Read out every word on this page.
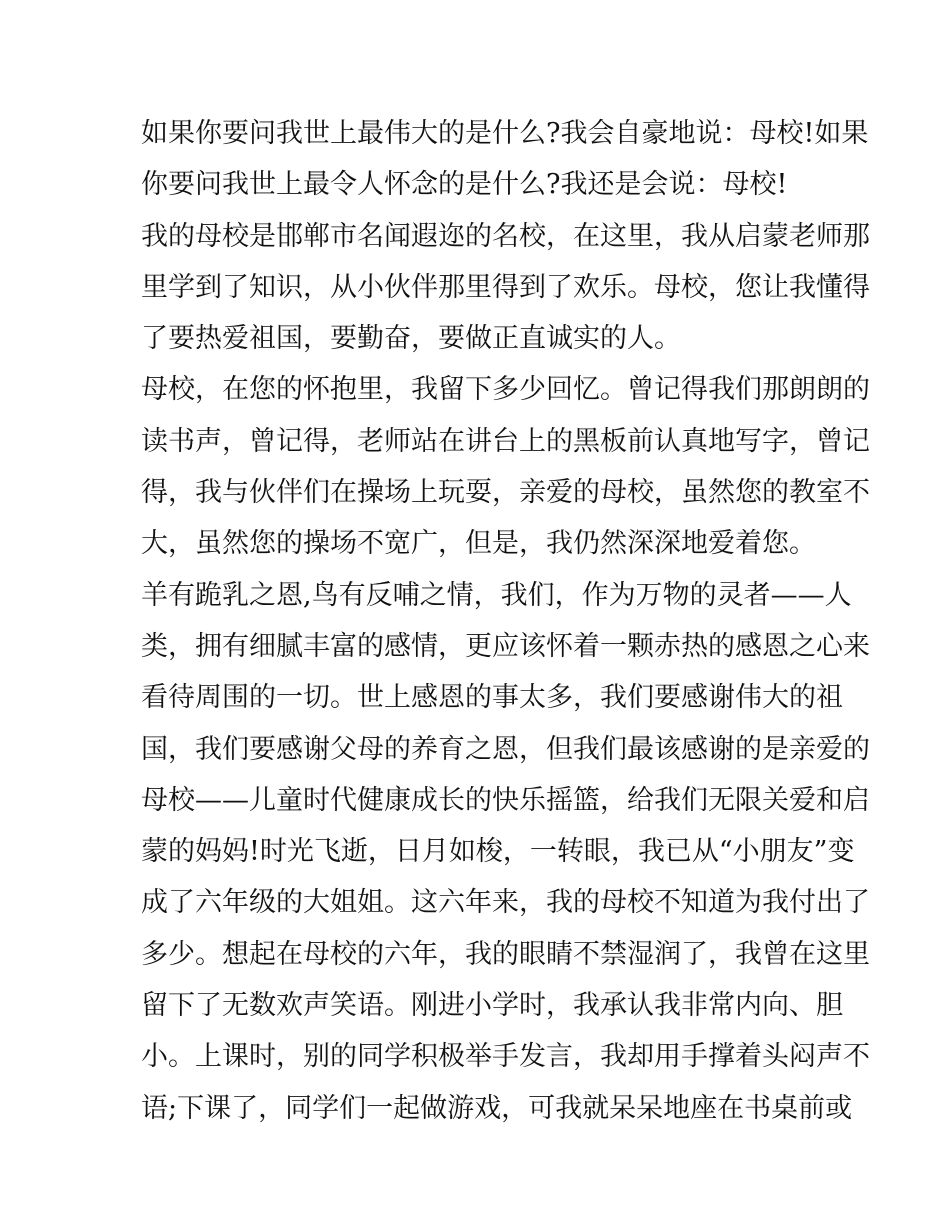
如果你要问我世上最伟大的是什么?我会自豪地说：母校!如果
你要问我世上最令人怀念的是什么?我还是会说：母校!
我的母校是邯郸市名闻遐迩的名校，在这里，我从启蒙老师那
里学到了知识，从小伙伴那里得到了欢乐。母校，您让我懂得
了要热爱祖国，要勤奋，要做正直诚实的人。
母校，在您的怀抱里，我留下多少回忆。曾记得我们那朗朗的
读书声，曾记得，老师站在讲台上的黑板前认真地写字，曾记
得，我与伙伴们在操场上玩耍，亲爱的母校，虽然您的教室不
大，虽然您的操场不宽广，但是，我仍然深深地爱着您。
羊有跪乳之恩,鸟有反哺之情，我们，作为万物的灵者——人
类，拥有细腻丰富的感情，更应该怀着一颗赤热的感恩之心来
看待周围的一切。世上感恩的事太多，我们要感谢伟大的祖
国，我们要感谢父母的养育之恩，但我们最该感谢的是亲爱的
母校——儿童时代健康成长的快乐摇篮，给我们无限关爱和启
蒙的妈妈!时光飞逝，日月如梭，一转眼，我已从“小朋友”变
成了六年级的大姐姐。这六年来，我的母校不知道为我付出了
多少。想起在母校的六年，我的眼睛不禁湿润了，我曾在这里
留下了无数欢声笑语。刚进小学时，我承认我非常内向、胆
小。上课时，别的同学积极举手发言，我却用手撑着头闷声不
语;下课了，同学们一起做游戏，可我就呆呆地座在书桌前或
